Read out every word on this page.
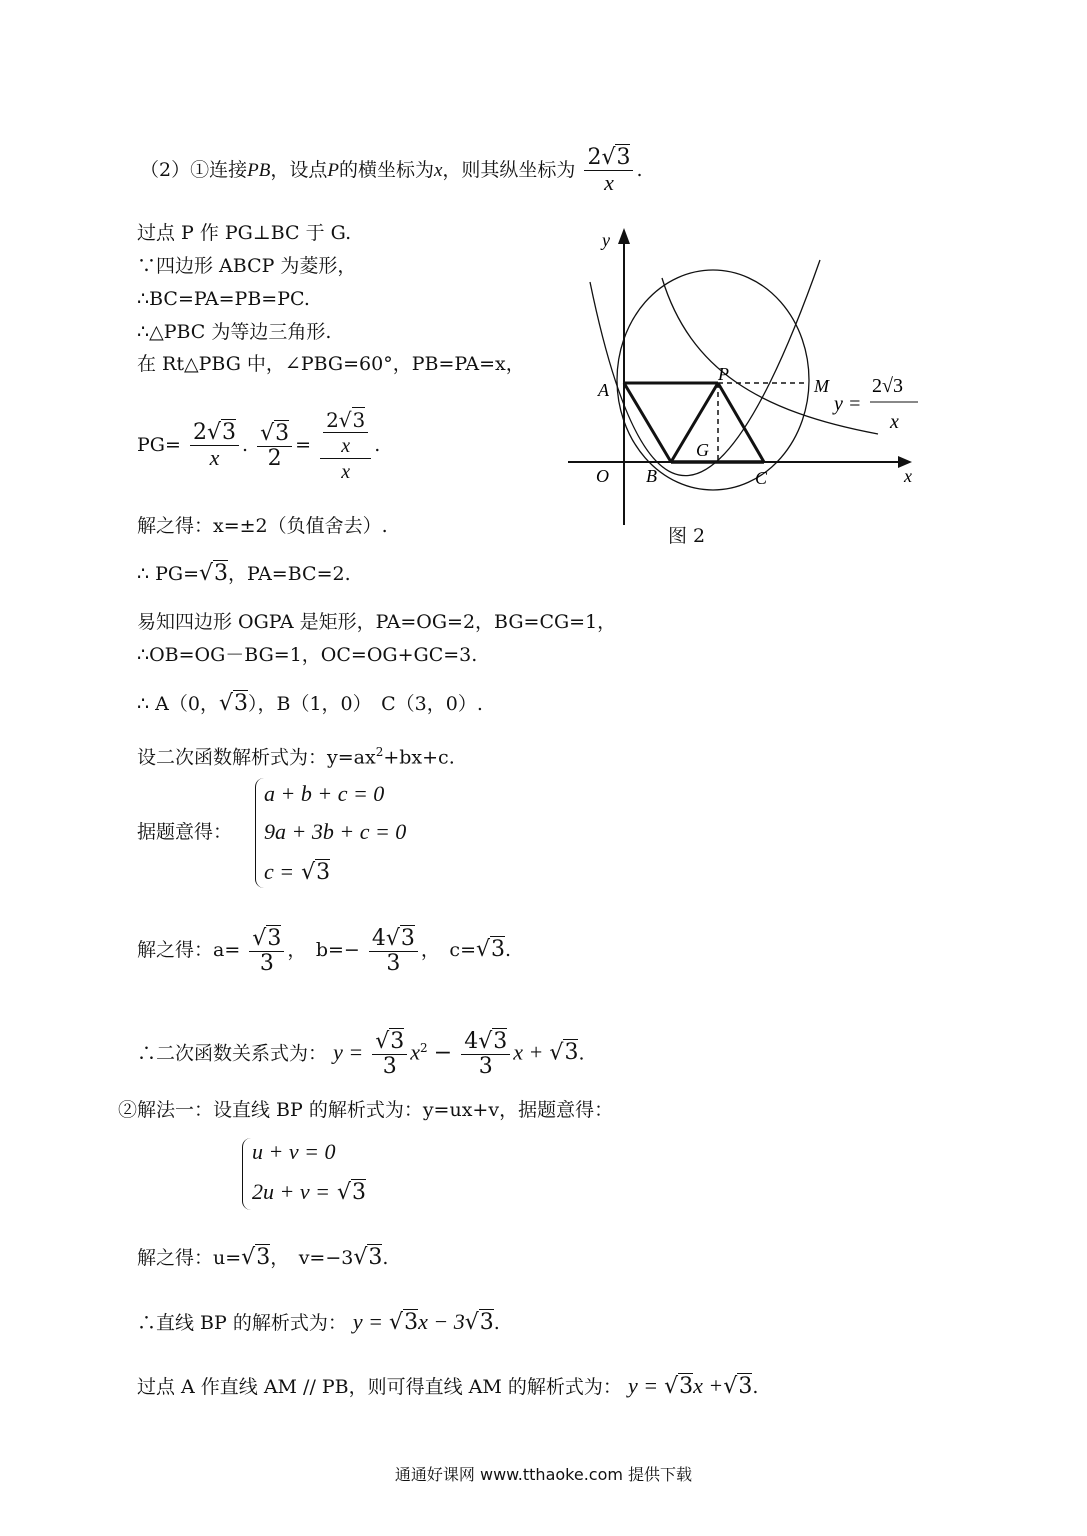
（2）①连接PB，设点P的横坐标为x，则其纵坐标为 $\frac{2√3}{x}$ .
过点 P 作 PG⊥BC 于 G.
∵四边形 ABCP 为菱形，
∴BC=PA=PB=PC.
∴△PBC 为等边三角形.
在 Rt△PBG 中，∠PBG=60°，PB=PA=x，
$PG= \frac{2√3}{x}$ . $\frac{√3}{2} = \frac{\frac{2√3}{x}}{x}$ .
解之得：x=±2（负值舍去）.
∴ PG=√3，PA=BC=2.
易知四边形 OGPA 是矩形，PA=OG=2，BG=CG=1，
∴OB=OG－BG=1，OC=OG+GC=3.
∴ A（0，√3），B（1，0）　C（3，0）.
设二次函数解析式为：$y=ax^2+bx+c$.
据题意得：
a + b + c = 0
9a + 3b + c = 0
c = √3
解之得：$a= \frac{√3}{3}$ ，　$b=- \frac{4√3}{3}$ ，　c=√3.
∴二次函数关系式为： $y = \frac{√3}{3} x^2 - \frac{4√3}{3}$ x + √3.
②解法一：设直线 BP 的解析式为：y=ux+v，据题意得：
u + v = 0
2u + v = √3
解之得：u=√3，　v=−3√3.
∴直线 BP 的解析式为： y = √3x − 3√3.
过点 A 作直线 AM // PB，则可得直线 AM 的解析式为： y = √3x +√3.
y
x
O
A
B	C
P
G
M
y =
2√3
x
图 2
通通好课网 www.tthaoke.com 提供下载
